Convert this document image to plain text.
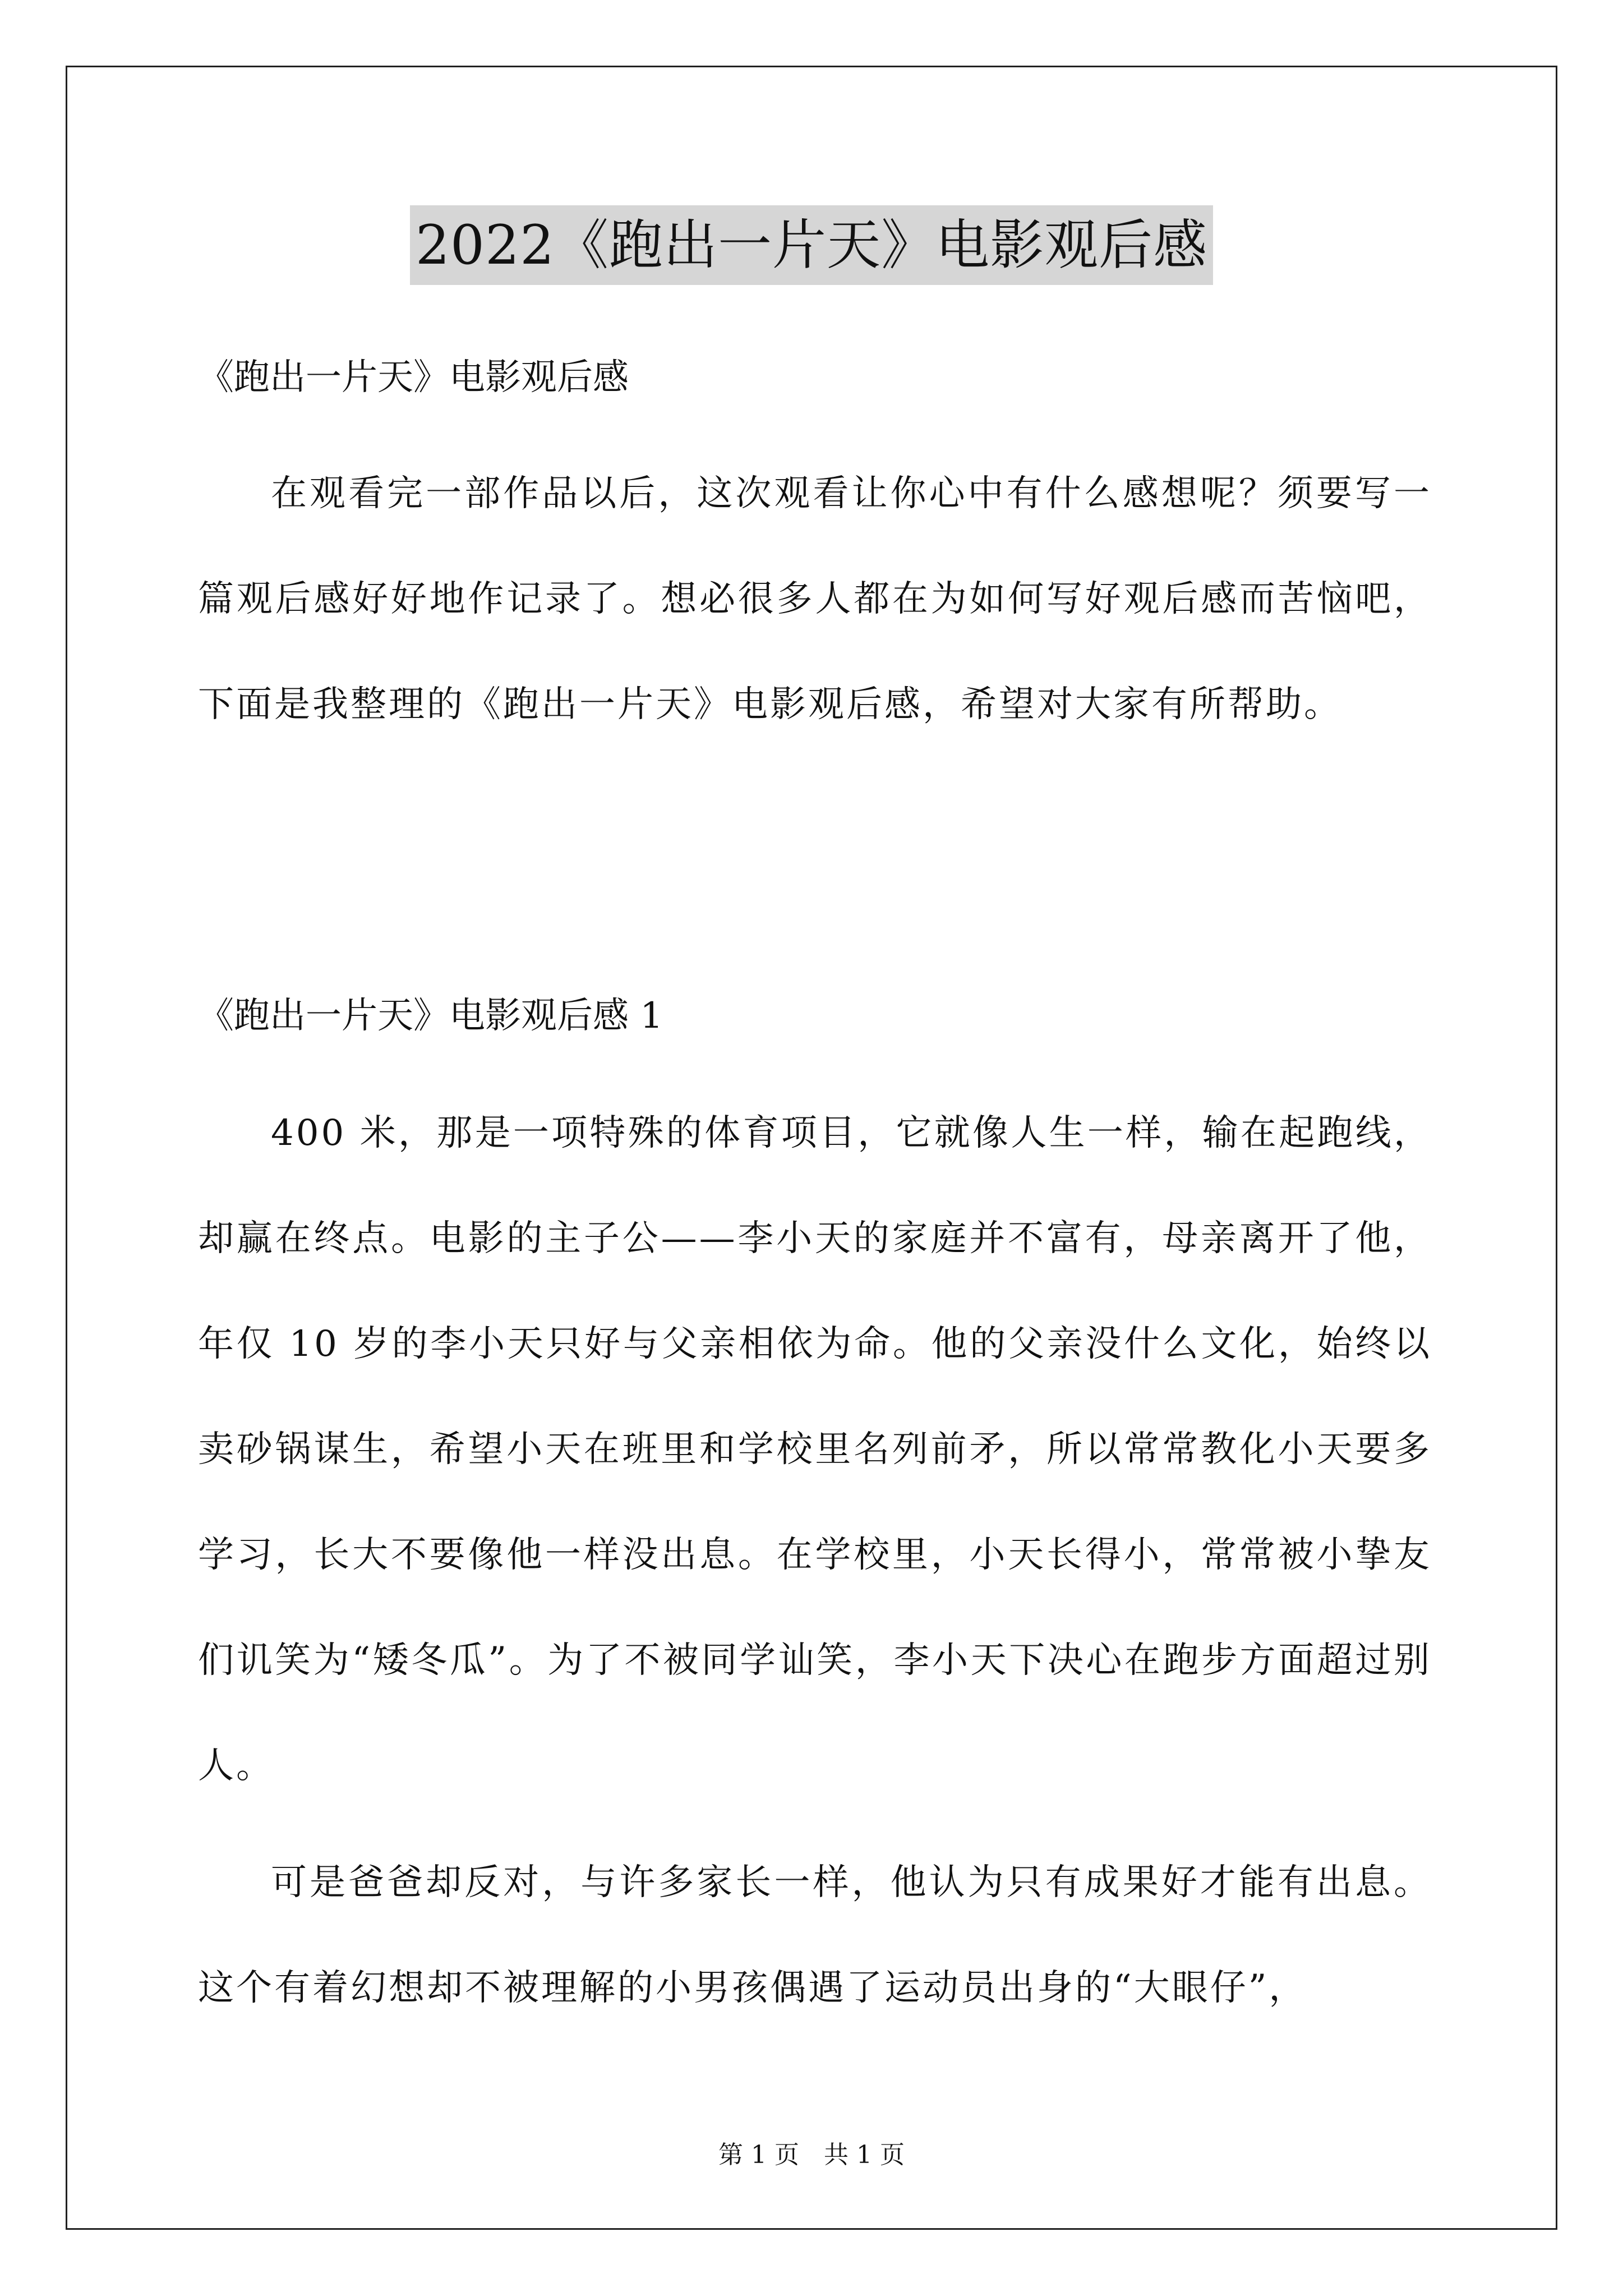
2022《跑出一片天》电影观后感
《跑出一片天》电影观后感

在观看完一部作品以后，这次观看让你心中有什么感想呢？须要写一篇观后感好好地作记录了。想必很多人都在为如何写好观后感而苦恼吧，下面是我整理的《跑出一片天》电影观后感，希望对大家有所帮助。

《跑出一片天》电影观后感 1

400 米，那是一项特殊的体育项目，它就像人生一样，输在起跑线，却赢在终点。电影的主子公——李小天的家庭并不富有，母亲离开了他，年仅 10 岁的李小天只好与父亲相依为命。他的父亲没什么文化，始终以卖砂锅谋生，希望小天在班里和学校里名列前矛，所以常常教化小天要多学习，长大不要像他一样没出息。在学校里，小天长得小，常常被小挚友们讥笑为“矮冬瓜”。为了不被同学讪笑，李小天下决心在跑步方面超过别人。

可是爸爸却反对，与许多家长一样，他认为只有成果好才能有出息。这个有着幻想却不被理解的小男孩偶遇了运动员出身的“大眼仔”，

第 1 页　共 1 页
